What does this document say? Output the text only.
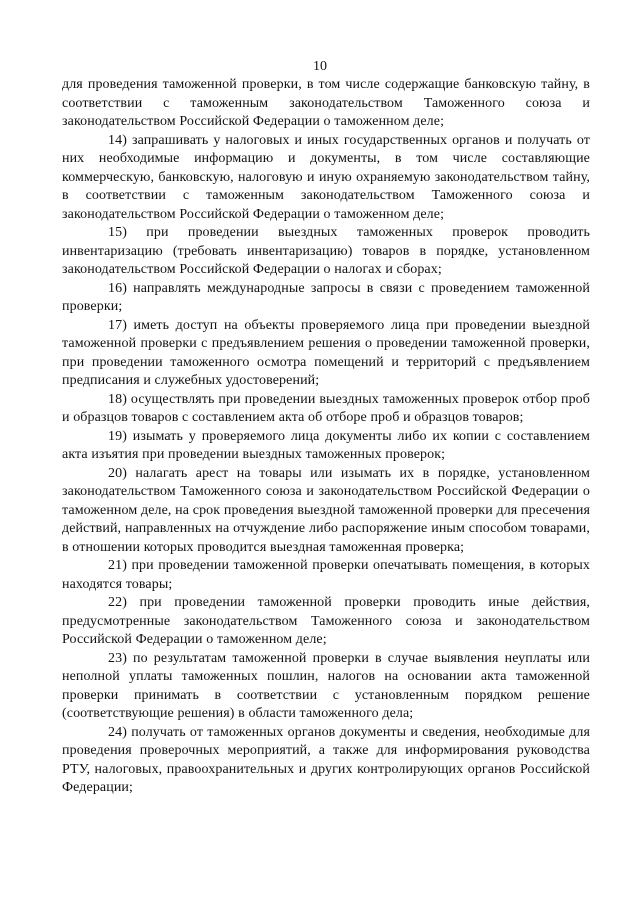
10

для проведения таможенной проверки, в том числе содержащие банковскую тайну, в соответствии с таможенным законодательством Таможенного союза и законодательством Российской Федерации о таможенном деле;

14) запрашивать у налоговых и иных государственных органов и получать от них необходимые информацию и документы, в том числе составляющие коммерческую, банковскую, налоговую и иную охраняемую законодательством тайну, в соответствии с таможенным законодательством Таможенного союза и законодательством Российской Федерации о таможенном деле;

15) при проведении выездных таможенных проверок проводить инвентаризацию (требовать инвентаризацию) товаров в порядке, установленном законодательством Российской Федерации о налогах и сборах;

16) направлять международные запросы в связи с проведением таможенной проверки;

17) иметь доступ на объекты проверяемого лица при проведении выездной таможенной проверки с предъявлением решения о проведении таможенной проверки, при проведении таможенного осмотра помещений и территорий с предъявлением предписания и служебных удостоверений;

18) осуществлять при проведении выездных таможенных проверок отбор проб и образцов товаров с составлением акта об отборе проб и образцов товаров;

19) изымать у проверяемого лица документы либо их копии с составлением акта изъятия при проведении выездных таможенных проверок;

20) налагать арест на товары или изымать их в порядке, установленном законодательством Таможенного союза и законодательством Российской Федерации о таможенном деле, на срок проведения выездной таможенной проверки для пресечения действий, направленных на отчуждение либо распоряжение иным способом товарами, в отношении которых проводится выездная таможенная проверка;

21) при проведении таможенной проверки опечатывать помещения, в которых находятся товары;

22) при проведении таможенной проверки проводить иные действия, предусмотренные законодательством Таможенного союза и законодательством Российской Федерации о таможенном деле;

23) по результатам таможенной проверки в случае выявления неуплаты или неполной уплаты таможенных пошлин, налогов на основании акта таможенной проверки принимать в соответствии с установленным порядком решение (соответствующие решения) в области таможенного дела;

24) получать от таможенных органов документы и сведения, необходимые для проведения проверочных мероприятий, а также для информирования руководства РТУ, налоговых, правоохранительных и других контролирующих органов Российской Федерации;
